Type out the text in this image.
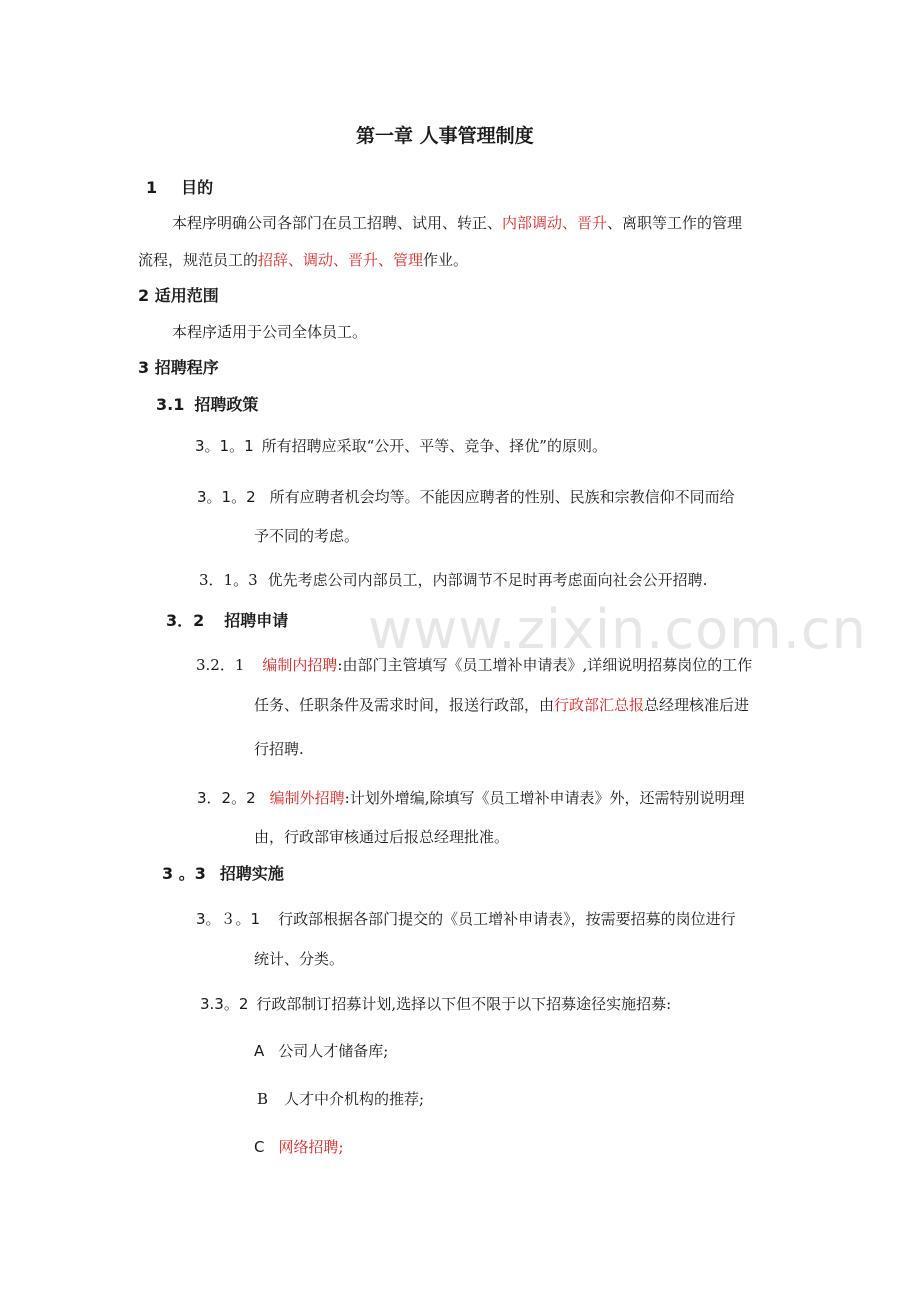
www.zixin.com.cn
第一章 人事管理制度
1 目的
本程序明确公司各部门在员工招聘、试用、转正、内部调动、晋升、离职等工作的管理
流程，规范员工的招辞、调动、晋升、管理作业。
2 适用范围
本程序适用于公司全体员工。
3 招聘程序
3.1 招聘政策
3。1。1 所有招聘应采取“公开、平等、竞争、择优”的原则。
3。1。2 所有应聘者机会均等。不能因应聘者的性别、民族和宗教信仰不同而给
予不同的考虑。
3．1。3 优先考虑公司内部员工，内部调节不足时再考虑面向社会公开招聘.
3．2 招聘申请
3.2．1 编制内招聘:由部门主管填写《员工增补申请表》,详细说明招募岗位的工作
任务、任职条件及需求时间，报送行政部，由行政部汇总报总经理核准后进
行招聘.
3．2。2 编制外招聘:计划外增编,除填写《员工增补申请表》外，还需特别说明理
由，行政部审核通过后报总经理批准。
3 。3 招聘实施
3。３。1 行政部根据各部门提交的《员工增补申请表》，按需要招募的岗位进行
统计、分类。
3.3。2 行政部制订招募计划,选择以下但不限于以下招募途径实施招募:
A 公司人才储备库;
B 人才中介机构的推荐;
C 网络招聘;
